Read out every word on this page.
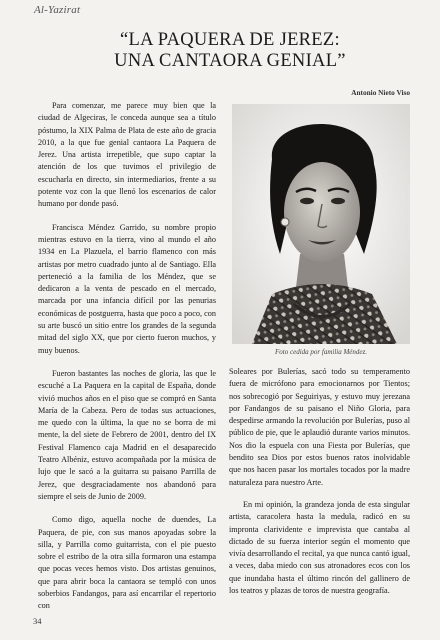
Al-Yazirat
“LA PAQUERA DE JEREZ:
UNA CANTAORA GENIAL”
Antonio Nieto Viso

Para comenzar, me parece muy bien que la ciudad de Algeciras, le conceda aunque sea a título póstumo, la XIX Palma de Plata de este año de gracia 2010, a la que fue genial cantaora La Paquera de Jerez. Una artista irrepetible, que supo captar la atención de los que tuvimos el privilegio de escucharla en directo, sin intermediarios, frente a su potente voz con la que llenó los escenarios de calor humano por donde pasó.

Francisca Méndez Garrido, su nombre propio mientras estuvo en la tierra, vino al mundo el año 1934 en La Plazuela, el barrio flamenco con más artistas por metro cuadrado junto al de Santiago. Ella perteneció a la familia de los Méndez, que se dedicaron a la venta de pescado en el mercado, marcada por una infancia difícil por las penurias económicas de postguerra, hasta que poco a poco, con su arte buscó un sitio entre los grandes de la segunda mitad del siglo XX, que por cierto fueron muchos, y muy buenos.

Fueron bastantes las noches de gloria, las que le escuché a La Paquera en la capital de España, donde vivió muchos años en el piso que se compró en Santa María de la Cabeza. Pero de todas sus actuaciones, me quedo con la última, la que no se borra de mi mente, la del siete de Febrero de 2001, dentro del IX Festival Flamenco caja Madrid en el desaparecido Teatro Albéniz, estuvo acompañada por la música de lujo que le sacó a la guitarra su paisano Parrilla de Jerez, que desgraciadamente nos abandonó para siempre el seis de Junio de 2009.

Como digo, aquella noche de duendes, La Paquera, de pie, con sus manos apoyadas sobre la silla, y Parrilla como guitarrista, con el pie puesto sobre el estribo de la otra silla formaron una estampa que pocas veces hemos visto. Dos artistas genuinos, que para abrir boca la cantaora se templó con unos soberbios Fandangos, para así encarrilar el repertorio con

Foto cedida por familia Méndez.

Soleares por Bulerías, sacó todo su temperamento fuera de micrófono para emocionarnos por Tientos; nos sobrecogió por Seguiriyas, y estuvo muy jerezana por Fandangos de su paisano el Niño Gloria, para despedirse armando la revolución por Bulerías, puso al público de pie, que le aplaudió durante varios minutos. Nos dio la espuela con una Fiesta por Bulerías, que bendito sea Dios por estos buenos ratos inolvidable que nos hacen pasar los mortales tocados por la madre naturaleza para nuestro Arte.

En mi opinión, la grandeza jonda de esta singular artista, caracolera hasta la medula, radicó en su impronta clarividente e imprevista que cantaba al dictado de su fuerza interior según el momento que vivía desarrollando el recital, ya que nunca cantó igual, a veces, daba miedo con sus atronadores ecos con los que inundaba hasta el último rincón del gallinero de los teatros y plazas de toros de nuestra geografía.

34
